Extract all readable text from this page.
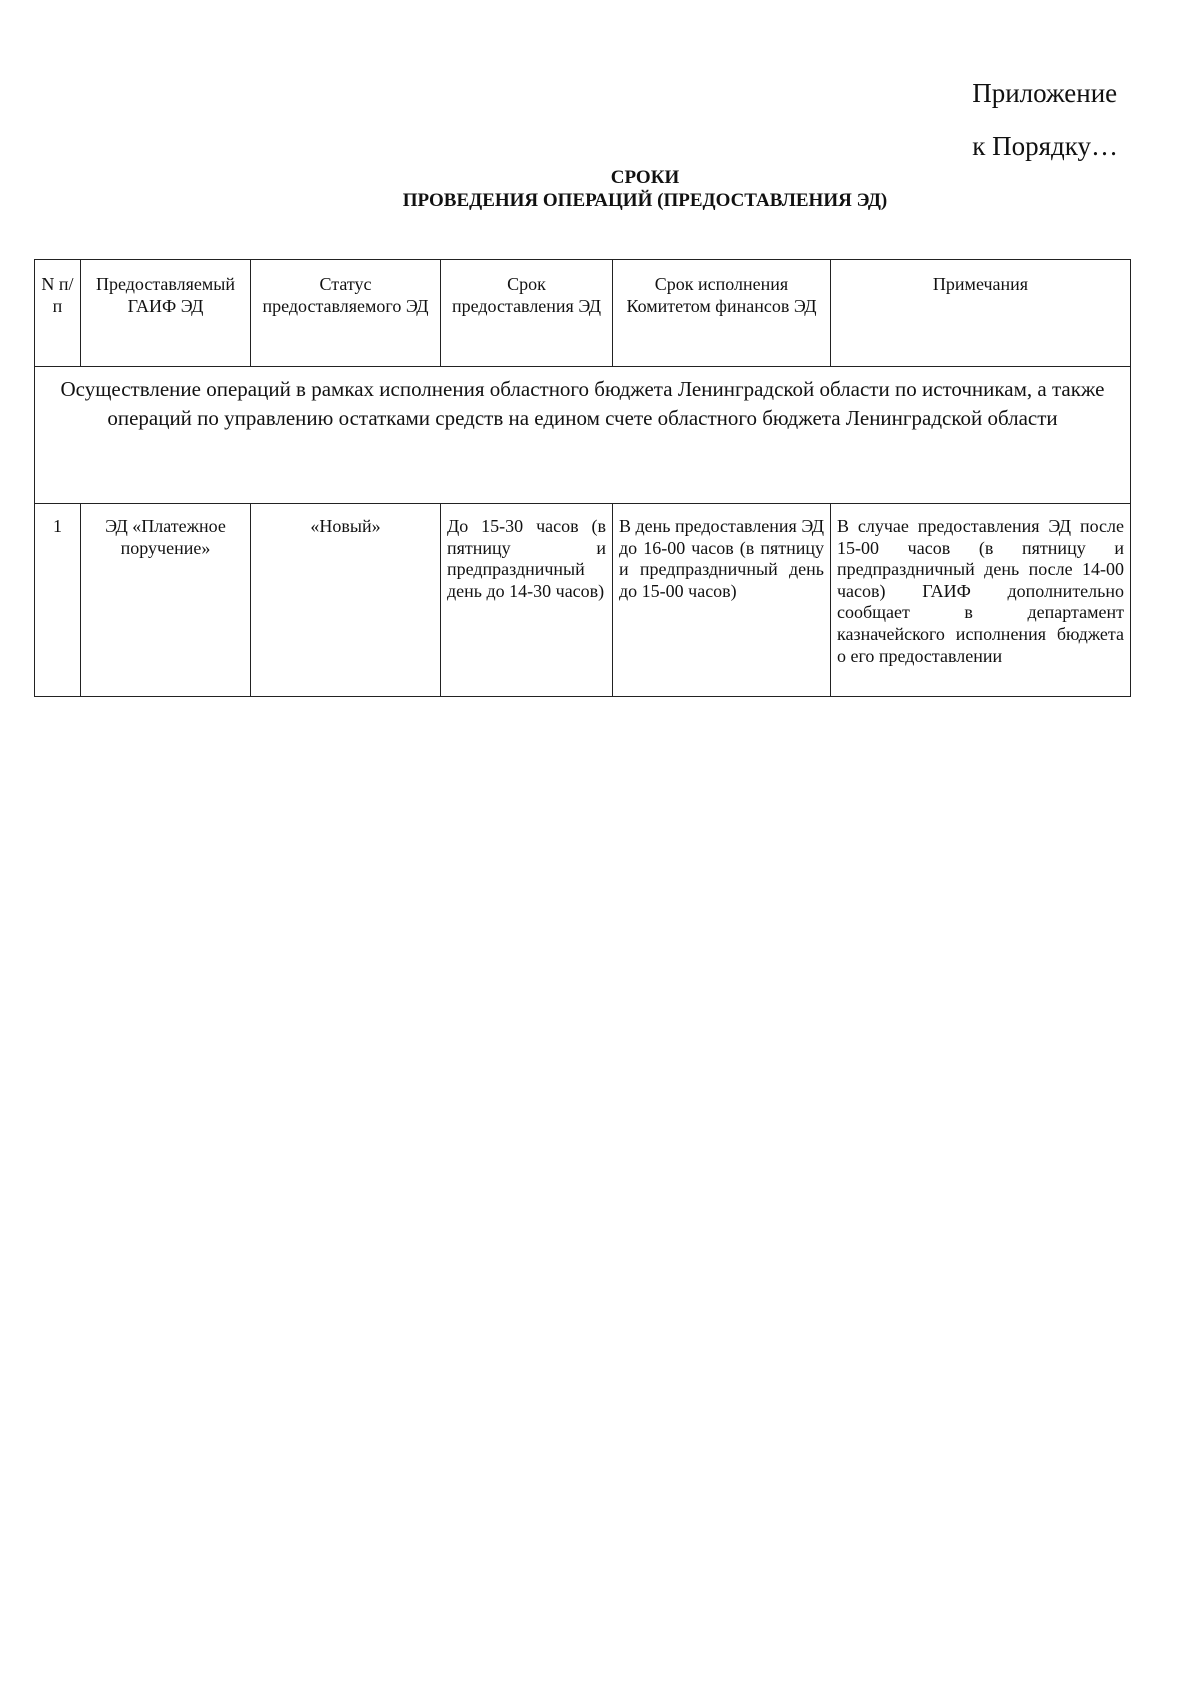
Приложение
к Порядку…
СРОКИ
ПРОВЕДЕНИЯ ОПЕРАЦИЙ (ПРЕДОСТАВЛЕНИЯ ЭД)
N п/п	Предоставляемый ГАИФ ЭД	Статус предоставляемого ЭД	Срок предоставления ЭД	Срок исполнения Комитетом финансов ЭД	Примечания
Осуществление операций в рамках исполнения областного бюджета Ленинградской области по источникам, а также операций по управлению остатками средств на едином счете областного бюджета Ленинградской области					
1	ЭД «Платежное поручение»	«Новый»	До 15-30 часов (в пятницу и предпраздничный день до 14-30 часов)	В день предоставления ЭД до 16-00 часов (в пятницу и предпраздничный день до 15-00 часов)	В случае предоставления ЭД после 15-00 часов (в пятницу и предпраздничный день после 14-00 часов) ГАИФ дополнительно сообщает в департамент казначейского исполнения бюджета о его предоставлении
